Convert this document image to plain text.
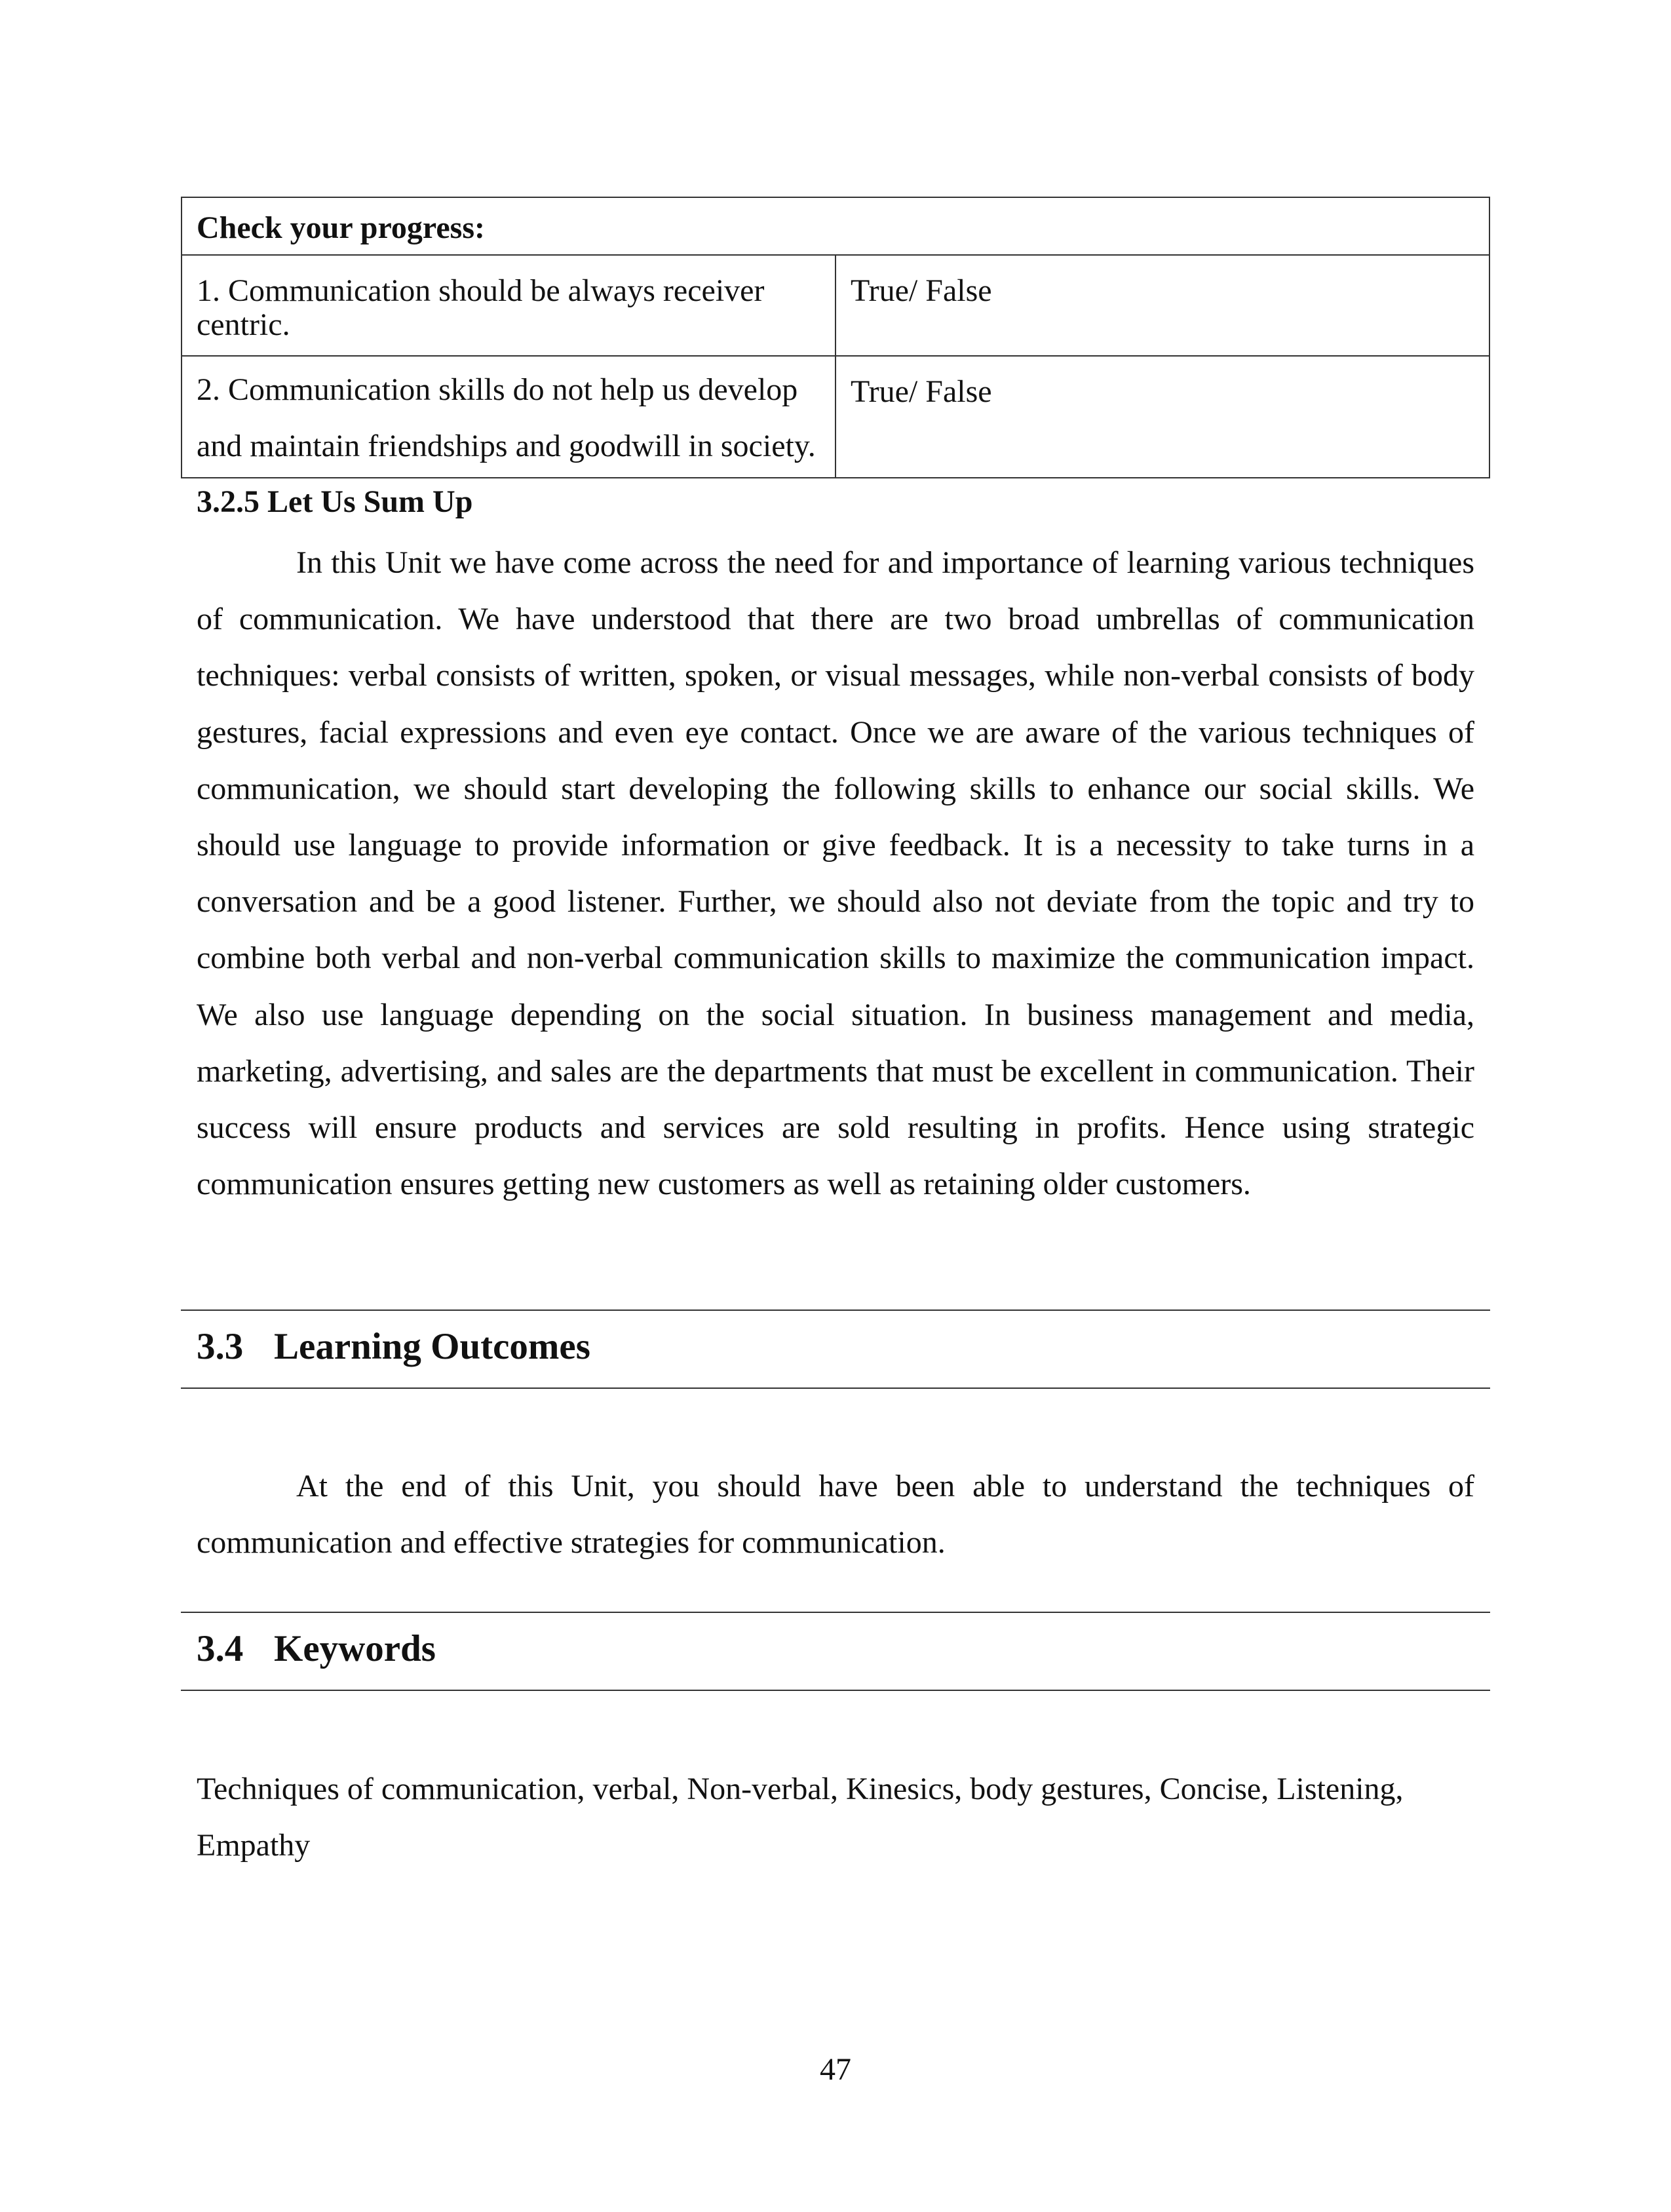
Check your progress:	
1. Communication should be always receiver centric.	True/ False
2. Communication skills do not help us develop and maintain friendships and goodwill in society.	True/ False
3.2.5 Let Us Sum Up

In this Unit we have come across the need for and importance of learning various techniques of communication. We have understood that there are two broad umbrellas of communication techniques: verbal consists of written, spoken, or visual messages, while non-verbal consists of body gestures, facial expressions and even eye contact. Once we are aware of the various techniques of communication, we should start developing the following skills to enhance our social skills. We should use language to provide information or give feedback. It is a necessity to take turns in a conversation and be a good listener. Further, we should also not deviate from the topic and try to combine both verbal and non-verbal communication skills to maximize the communication impact. We also use language depending on the social situation. In business management and media, marketing, advertising, and sales are the departments that must be excellent in communication. Their success will ensure products and services are sold resulting in profits. Hence using strategic communication ensures getting new customers as well as retaining older customers.

3.3 Learning Outcomes

At the end of this Unit, you should have been able to understand the techniques of communication and effective strategies for communication.

3.4 Keywords

Techniques of communication, verbal, Non-verbal, Kinesics, body gestures, Concise, Listening, Empathy

47
